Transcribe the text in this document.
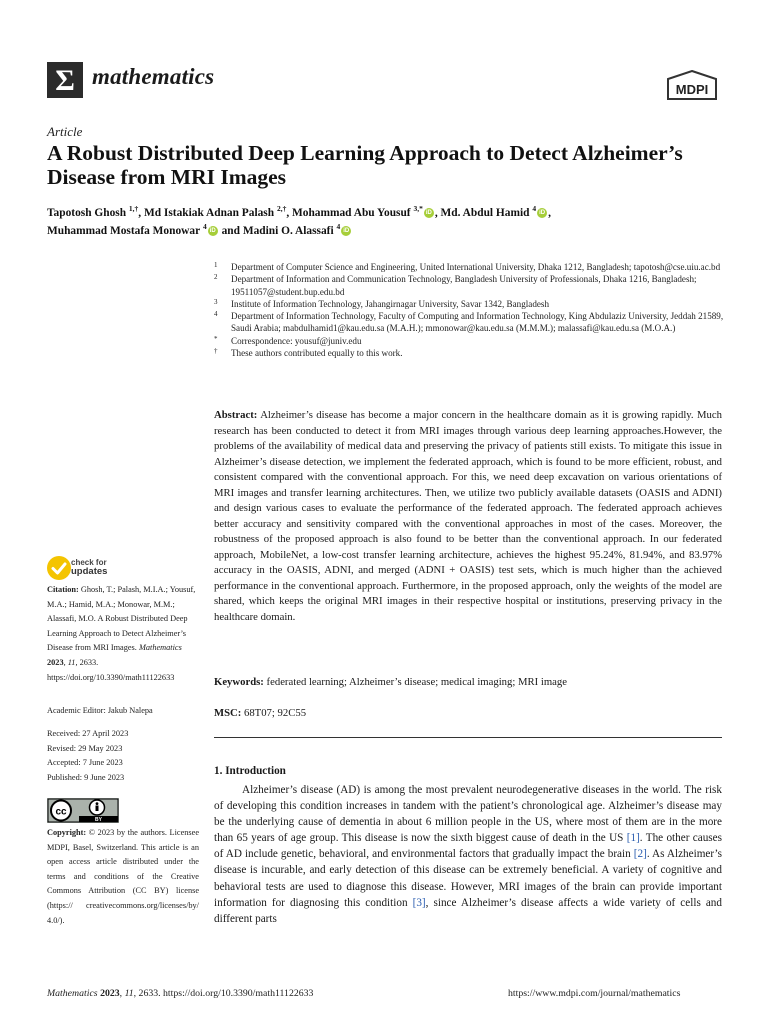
Σ mathematics
MDPI
Article
A Robust Distributed Deep Learning Approach to Detect Alzheimer’s Disease from MRI Images
Tapotosh Ghosh $^{1,\dagger}$, Md Istakiak Adnan Palash $^{2,\dagger}$, Mohammad Abu Yousuf $^{3,*}$iD , Md. Abdul Hamid $^4$iD ,
Muhammad Mostafa Monowar $^4$iD and Madini O. Alassafi $^4$iD
1	Department of Computer Science and Engineering, United International University, Dhaka 1212, Bangladesh; tapotosh@cse.uiu.ac.bd
2	Department of Information and Communication Technology, Bangladesh University of Professionals, Dhaka 1216, Bangladesh; 19511057@student.bup.edu.bd
3	Institute of Information Technology, Jahangirnagar University, Savar 1342, Bangladesh
4	Department of Information Technology, Faculty of Computing and Information Technology, King Abdulaziz University, Jeddah 21589, Saudi Arabia; mabdulhamid1@kau.edu.sa (M.A.H.); mmonowar@kau.edu.sa (M.M.M.); malassafi@kau.edu.sa (M.O.A.)
*	Correspondence: yousuf@juniv.edu
†	These authors contributed equally to this work.
Abstract: Alzheimer’s disease has become a major concern in the healthcare domain as it is growing rapidly. Much research has been conducted to detect it from MRI images through various deep learning approaches.However, the problems of the availability of medical data and preserving the privacy of patients still exists. To mitigate this issue in Alzheimer’s disease detection, we implement the federated approach, which is found to be more efficient, robust, and consistent compared with the conventional approach. For this, we need deep excavation on various orientations of MRI images and transfer learning architectures. Then, we utilize two publicly available datasets (OASIS and ADNI) and design various cases to evaluate the performance of the federated approach. The federated approach achieves better accuracy and sensitivity compared with the conventional approaches in most of the cases. Moreover, the robustness of the proposed approach is also found to be better than the conventional approach. In our federated approach, MobileNet, a low-cost transfer learning architecture, achieves the highest 95.24%, 81.94%, and 83.97% accuracy in the OASIS, ADNI, and merged (ADNI + OASIS) test sets, which is much higher than the achieved performance in the conventional approach. Furthermore, in the proposed approach, only the weights of the model are shared, which keeps the original MRI images in their respective hospital or institutions, preserving privacy in the healthcare domain.
Keywords: federated learning; Alzheimer’s disease; medical imaging; MRI image
MSC: 68T07; 92C55
1. Introduction
Alzheimer’s disease (AD) is among the most prevalent neurodegenerative diseases in the world. The risk of developing this condition increases in tandem with the patient’s chronological age. Alzheimer’s disease may be the underlying cause of dementia in about 6 million people in the US, where most of them are in the more than 65 years of age group. This disease is now the sixth biggest cause of death in the US [1]. The other causes of AD include genetic, behavioral, and environmental factors that gradually impact the brain [2]. As Alzheimer’s disease is incurable, and early detection of this disease can be extremely beneficial. A variety of cognitive and behavioral tests are used to diagnose this disease. However, MRI images of the brain can provide important information for diagnosing this condition [3], since Alzheimer’s disease affects a wide variety of cells and different parts
check for
updates
Citation: Ghosh, T.; Palash, M.I.A.; Yousuf, M.A.; Hamid, M.A.; Monowar, M.M.; Alassafi, M.O. A Robust Distributed Deep Learning Approach to Detect Alzheimer’s Disease from MRI Images. Mathematics 2023, 11, 2633. https://doi.org/10.3390/math11122633
Academic Editor: Jakub Nalepa
Received: 27 April 2023
Revised: 29 May 2023
Accepted: 7 June 2023
Published: 9 June 2023
cc
BY
Copyright: © 2023 by the authors. Licensee MDPI, Basel, Switzerland. This article is an open access article distributed under the terms and conditions of the Creative Commons Attribution (CC BY) license (https:// creativecommons.org/licenses/by/ 4.0/).
Mathematics 2023, 11, 2633. https://doi.org/10.3390/math11122633	https://www.mdpi.com/journal/mathematics
